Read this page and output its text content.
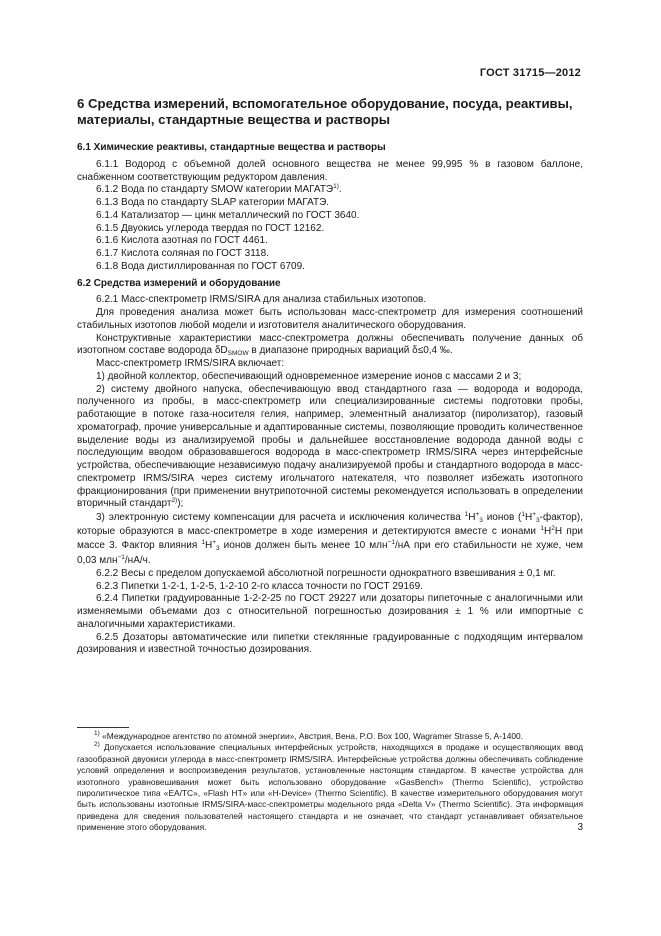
ГОСТ 31715—2012
6 Средства измерений, вспомогательное оборудование, посуда, реактивы, материалы, стандартные вещества и растворы

6.1 Химические реактивы, стандартные вещества и растворы

6.1.1 Водород с объемной долей основного вещества не менее 99,995 % в газовом баллоне, снабженном соответствующим редуктором давления.

6.1.2 Вода по стандарту SMOW категории МАГАТЭ$^{1)}$.

6.1.3 Вода по стандарту SLAP категории МАГАТЭ.

6.1.4 Катализатор — цинк металлический по ГОСТ 3640.

6.1.5 Двуокись углерода твердая по ГОСТ 12162.

6.1.6 Кислота азотная по ГОСТ 4461.

6.1.7 Кислота соляная по ГОСТ 3118.

6.1.8 Вода дистиллированная по ГОСТ 6709.

6.2 Средства измерений и оборудование

6.2.1 Масс-спектрометр IRMS/SIRA для анализа стабильных изотопов.

Для проведения анализа может быть использован масс-спектрометр для измерения соотношений стабильных изотопов любой модели и изготовителя аналитического оборудования.

Конструктивные характеристики масс-спектрометра должны обеспечивать получение данных об изотопном составе водорода $\delta D_{SMOW}$ в диапазоне природных вариаций δ≤0,4 ‰.

Масс-спектрометр IRMS/SIRA включает:

1) двойной коллектор, обеспечивающий одновременное измерение ионов с массами 2 и 3;

2) систему двойного напуска, обеспечивающую ввод стандартного газа — водорода и водорода, полученного из пробы, в масс-спектрометр или специализированные системы подготовки пробы, работающие в потоке газа-носителя гелия, например, элементный анализатор (пиролизатор), газовый хроматограф, прочие универсальные и адаптированные системы, позволяющие проводить количественное выделение воды из анализируемой пробы и дальнейшее восстановление водорода данной воды с последующим вводом образовавшегося водорода в масс-спектрометр IRMS/SIRA через интерфейсные устройства, обеспечивающие независимую подачу анализируемой пробы и стандартного водорода в масс-спектрометр IRMS/SIRA через систему игольчатого натекателя, что позволяет избежать изотопного фракционирования (при применении внутрипоточной системы рекомендуется использовать в определении вторичный стандарт$^{2)}$);

3) электронную систему компенсации для расчета и исключения количества $^1H^+_3$ ионов $(^1H^+_3-фактор)$, которые образуются в масс-спектрометре в ходе измерения и детектируются вместе с ионами $^1H^2H$ при массе 3. Фактор влияния $^1H^+_3$ ионов должен быть менее 10 млн$^{-1}$/нА при его стабильности не хуже, чем 0,03 млн$^{-1}$/нА/ч.

6.2.2 Весы с пределом допускаемой абсолютной погрешности однократного взвешивания ± 0,1 мг.

6.2.3 Пипетки 1-2-1, 1-2-5, 1-2-10 2-го класса точности по ГОСТ 29169.

6.2.4 Пипетки градуированные 1-2-2-25 по ГОСТ 29227 или дозаторы пипеточные с аналогичными или изменяемыми объемами доз с относительной погрешностью дозирования ± 1 % или импортные с аналогичными характеристиками.

6.2.5 Дозаторы автоматические или пипетки стеклянные градуированные с подходящим интервалом дозирования и известной точностью дозирования.

$^{1)}$ «Международное агентство по атомной энергии», Австрия, Вена, P.O. Box 100, Wagramer Strasse 5, A-1400.

$^{2)}$ Допускается использование специальных интерфейсных устройств, находящихся в продаже и осуществляющих ввод газообразной двуокиси углерода в масс-спектрометр IRMS/SIRA. Интерфейсные устройства должны обеспечивать соблюдение условий определения и воспроизведения результатов, установленные настоящим стандартом. В качестве устройства для изотопного уравновешивания может быть использовано оборудование «GasBench» (Thermo Scientific), устройство пиролитическое типа «EA/TC», «Flash HT» или «H-Device» (Thermo Scientific). В качестве измерительного оборудования могут быть использованы изотопные IRMS/SIRA-масс-спектрометры модельного ряда «Delta V» (Thermo Scientific). Эта информация приведена для сведения пользователей настоящего стандарта и не означает, что стандарт устанавливает обязательное применение этого оборудования.	3
